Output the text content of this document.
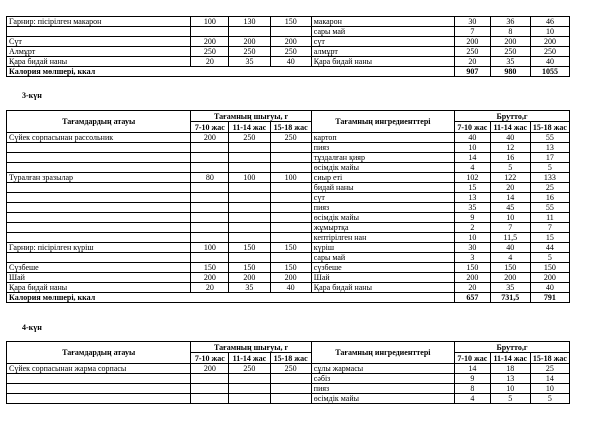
Гарнир: пісірілген макарон	100	130	150	макарон	30	36	46
				сары май	7	8	10
Сүт	200	200	200	сүт	200	200	200
Алмұрт	250	250	250	алмұрт	250	250	250
Қара бидай наны	20	35	40	Қара бидай наны	20	35	40
Калория мөлшері, ккал					907	980	1055
3-күн
Тағамдардың атауы	Тағамның шығуы, г			Тағамның ингредиенттері	Брутто,г		
	7-10 жас	11-14 жас	15-18 жас		7-10 жас	11-14 жас	15-18 жас
Сүйек сорпасынан рассольник	200	250	250	картоп	40	40	55
				пияз	10	12	13
				тұздалған қияр	14	16	17
				өсімдік майы	4	5	5
Туралған зразылар	80	100	100	сиыр еті	102	122	133
				бидай наны	15	20	25
				сүт	13	14	16
				пияз	35	45	55
				өсімдік майы	9	10	11
				жұмыртқа	2	7	7
				кептірілген нан	10	11,5	15
Гарнир: пісірілген күріш	100	150	150	күріш	30	40	44
				сары май	3	4	5
Сүзбеше	150	150	150	сүзбеше	150	150	150
Шай	200	200	200	Шай	200	200	200
Қара бидай наны	20	35	40	Қара бидай наны	20	35	40
Калория мөлшері, ккал					657	731,5	791
4-күн
Тағамдардың атауы	Тағамның шығуы, г			Тағамның ингредиенттері	Брутто,г		
	7-10 жас	11-14 жас	15-18 жас		7-10 жас	11-14 жас	15-18 жас
Сүйек сорпасынан жарма сорпасы	200	250	250	сұлы жармасы	14	18	25
				сәбіз	9	13	14
				пияз	8	10	10
				өсімдік майы	4	5	5
